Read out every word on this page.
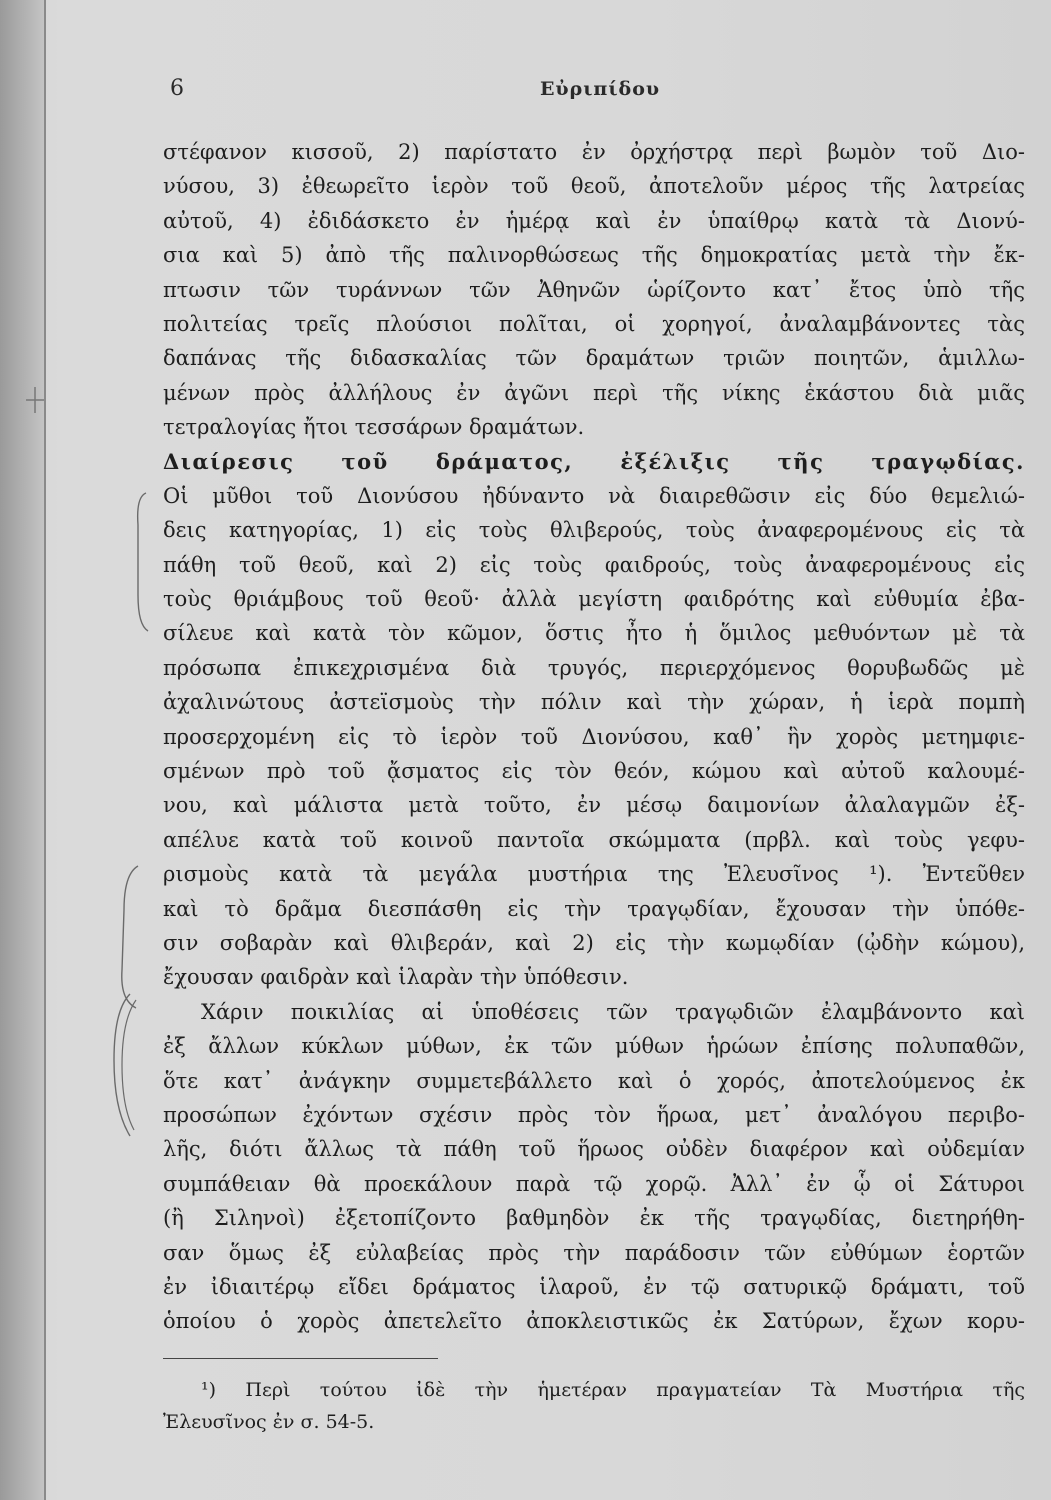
6	Εὐριπίδου
στέφανον κισσοῦ, 2) παρίστατο ἐν ὀρχήστρᾳ περὶ βωμὸν τοῦ Διο-
νύσου, 3) ἐθεωρεῖτο ἱερὸν τοῦ θεοῦ, ἀποτελοῦν μέρος τῆς λατρείας
αὐτοῦ, 4) ἐδιδάσκετο ἐν ἡμέρᾳ καὶ ἐν ὑπαίθρῳ κατὰ τὰ Διονύ-
σια καὶ 5) ἀπὸ τῆς παλινορθώσεως τῆς δημοκρατίας μετὰ τὴν ἔκ-
πτωσιν τῶν τυράννων τῶν Ἀθηνῶν ὡρίζοντο κατ᾽ ἔτος ὑπὸ τῆς
πολιτείας τρεῖς πλούσιοι πολῖται, οἱ χορηγοί, ἀναλαμβάνοντες τὰς
δαπάνας τῆς διδασκαλίας τῶν δραμάτων τριῶν ποιητῶν, ἁμιλλω-
μένων πρὸς ἀλλήλους ἐν ἀγῶνι περὶ τῆς νίκης ἑκάστου διὰ μιᾶς
τετραλογίας ἤτοι τεσσάρων δραμάτων.
Διαίρεσις τοῦ δράματος, ἐξέλιξις τῆς τραγῳδίας.
Οἱ μῦθοι τοῦ Διονύσου ἠδύναντο νὰ διαιρεθῶσιν εἰς δύο θεμελιώ-
δεις κατηγορίας, 1) εἰς τοὺς θλιβερούς, τοὺς ἀναφερομένους εἰς τὰ
πάθη τοῦ θεοῦ, καὶ 2) εἰς τοὺς φαιδρούς, τοὺς ἀναφερομένους εἰς
τοὺς θριάμβους τοῦ θεοῦ· ἀλλὰ μεγίστη φαιδρότης καὶ εὐθυμία ἐβα-
σίλευε καὶ κατὰ τὸν κῶμον, ὅστις ἦτο ἡ ὅμιλος μεθυόντων μὲ τὰ
πρόσωπα ἐπικεχρισμένα διὰ τρυγός, περιερχόμενος θορυβωδῶς μὲ
ἀχαλινώτους ἀστεϊσμοὺς τὴν πόλιν καὶ τὴν χώραν, ἡ ἱερὰ πομπὴ
προσερχομένη εἰς τὸ ἱερὸν τοῦ Διονύσου, καθ᾽ ἣν χορὸς μετημφιε-
σμένων πρὸ τοῦ ᾄσματος εἰς τὸν θεόν, κώμου καὶ αὐτοῦ καλουμέ-
νου, καὶ μάλιστα μετὰ τοῦτο, ἐν μέσῳ δαιμονίων ἀλαλαγμῶν ἐξ-
απέλυε κατὰ τοῦ κοινοῦ παντοῖα σκώμματα (πρβλ. καὶ τοὺς γεφυ-
ρισμοὺς κατὰ τὰ μεγάλα μυστήρια της Ἐλευσῖνος ¹). Ἐντεῦθεν
καὶ τὸ δρᾶμα διεσπάσθη εἰς τὴν τραγῳδίαν, ἔχουσαν τὴν ὑπόθε-
σιν σοβαρὰν καὶ θλιβεράν, καὶ 2) εἰς τὴν κωμῳδίαν (ᾠδὴν κώμου),
ἔχουσαν φαιδρὰν καὶ ἱλαρὰν τὴν ὑπόθεσιν.
Χάριν ποικιλίας αἱ ὑποθέσεις τῶν τραγῳδιῶν ἐλαμβάνοντο καὶ
ἐξ ἄλλων κύκλων μύθων, ἐκ τῶν μύθων ἡρώων ἐπίσης πολυπαθῶν,
ὅτε κατ᾽ ἀνάγκην συμμετεβάλλετο καὶ ὁ χορός, ἀποτελούμενος ἐκ
προσώπων ἐχόντων σχέσιν πρὸς τὸν ἥρωα, μετ᾽ ἀναλόγου περιβο-
λῆς, διότι ἄλλως τὰ πάθη τοῦ ἥρωος οὐδὲν διαφέρον καὶ οὐδεμίαν
συμπάθειαν θὰ προεκάλουν παρὰ τῷ χορῷ. Ἀλλ᾽ ἐν ᾧ οἱ Σάτυροι
(ἢ Σιληνοὶ) ἐξετοπίζοντο βαθμηδὸν ἐκ τῆς τραγῳδίας, διετηρήθη-
σαν ὅμως ἐξ εὐλαβείας πρὸς τὴν παράδοσιν τῶν εὐθύμων ἑορτῶν
ἐν ἰδιαιτέρῳ εἴδει δράματος ἱλαροῦ, ἐν τῷ σατυρικῷ δράματι, τοῦ
ὁποίου ὁ χορὸς ἀπετελεῖτο ἀποκλειστικῶς ἐκ Σατύρων, ἔχων κορυ-
¹) Περὶ τούτου ἰδὲ τὴν ἡμετέραν πραγματείαν Τὰ Μυστήρια τῆς
Ἐλευσῖνος ἐν σ. 54-5.
